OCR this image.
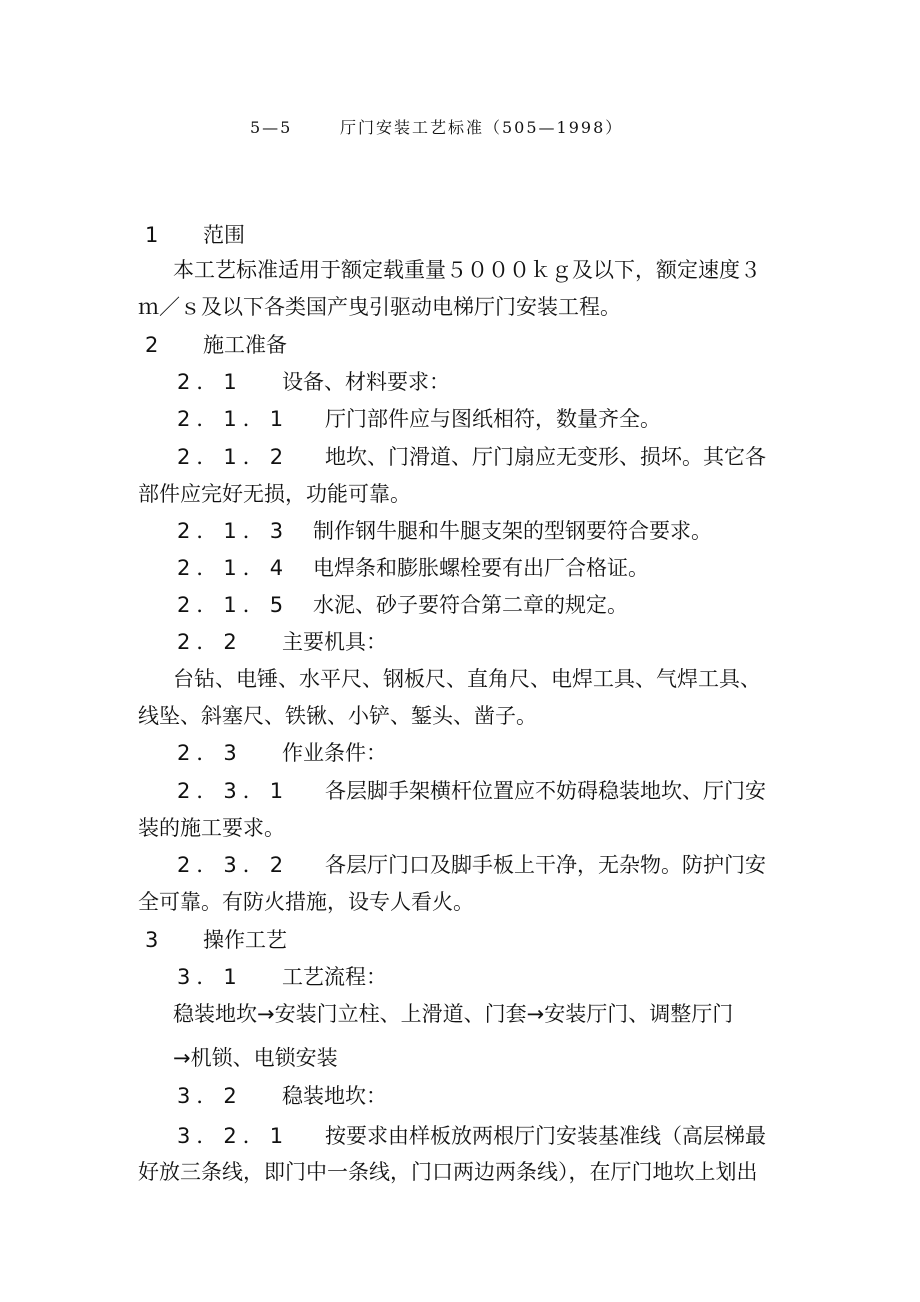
5—5	厅门安装工艺标准（505—1998）
1 范围
本工艺标准适用于额定载重量５０００ｋｇ及以下，额定速度３
ｍ／ｓ及以下各类国产曳引驱动电梯厅门安装工程。
2 施工准备
2．1 设备、材料要求：
2．1．1 厅门部件应与图纸相符，数量齐全。
2．1．2 地坎、门滑道、厅门扇应无变形、损坏。其它各
部件应完好无损，功能可靠。
2．1．3 制作钢牛腿和牛腿支架的型钢要符合要求。
2．1．4 电焊条和膨胀螺栓要有出厂合格证。
2．1．5 水泥、砂子要符合第二章的规定。
2．2 主要机具：
台钻、电锤、水平尺、钢板尺、直角尺、电焊工具、气焊工具、
线坠、斜塞尺、铁锹、小铲、錾头、凿子。
2．3 作业条件：
2．3．1 各层脚手架横杆位置应不妨碍稳装地坎、厅门安
装的施工要求。
2．3．2 各层厅门口及脚手板上干净，无杂物。防护门安
全可靠。有防火措施，设专人看火。
3 操作工艺
3．1 工艺流程：
稳装地坎→安装门立柱、上滑道、门套→安装厅门、调整厅门
→机锁、电锁安装
3．2 稳装地坎：
3．2．1 按要求由样板放两根厅门安装基准线（高层梯最
好放三条线，即门中一条线，门口两边两条线），在厅门地坎上划出
